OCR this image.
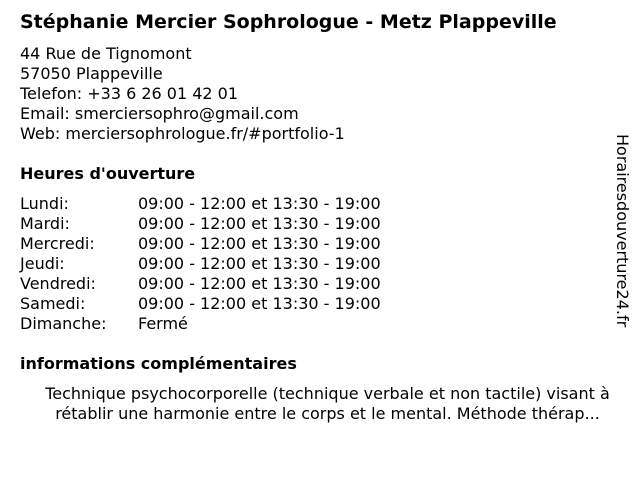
Stéphanie Mercier Sophrologue - Metz Plappeville
44 Rue de Tignomont
57050 Plappeville
Telefon: +33 6 26 01 42 01
Email: smerciersophro@gmail.com
Web: merciersophrologue.fr/#portfolio-1
Heures d'ouverture
Lundi:	09:00 - 12:00 et 13:30 - 19:00
Mardi:	09:00 - 12:00 et 13:30 - 19:00
Mercredi:	09:00 - 12:00 et 13:30 - 19:00
Jeudi:	09:00 - 12:00 et 13:30 - 19:00
Vendredi:	09:00 - 12:00 et 13:30 - 19:00
Samedi:	09:00 - 12:00 et 13:30 - 19:00
Dimanche:	Fermé
informations complémentaires
Technique psychocorporelle (technique verbale et non tactile) visant à rétablir une harmonie entre le corps et le mental. Méthode thérap...
Horairesdouverture24.fr
